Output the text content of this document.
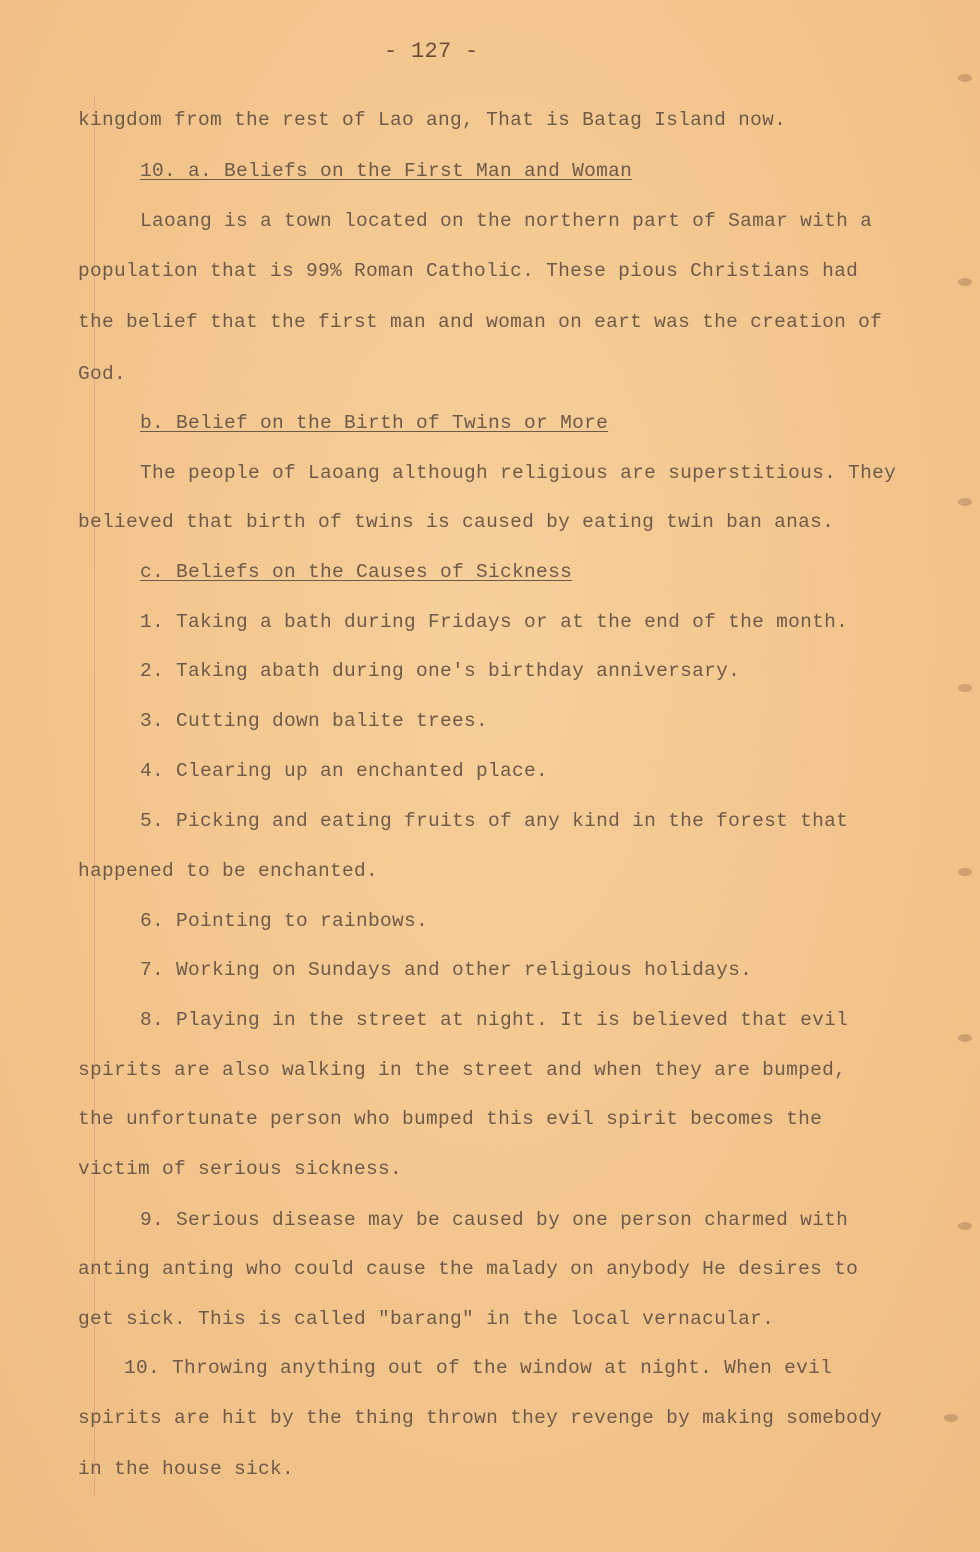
- 127 -
kingdom from the rest of Lao ang, That is Batag Island now.
10. a. Beliefs on the First Man and Woman
Laoang is a town located on the northern part of Samar with a
population that is 99% Roman Catholic. These pious Christians had
the belief that the first man and woman on eart was the creation of
God.
b. Belief on the Birth of Twins or More
The people of Laoang although religious are superstitious. They
believed that birth of twins is caused by eating twin ban anas.
c. Beliefs on the Causes of Sickness
1. Taking a bath during Fridays or at the end of the month.
2. Taking abath during one's birthday anniversary.
3. Cutting down balite trees.
4. Clearing up an enchanted place.
5. Picking and eating fruits of any kind in the forest that
happened to be enchanted.
6. Pointing to rainbows.
7. Working on Sundays and other religious holidays.
8. Playing in the street at night. It is believed that evil
spirits are also walking in the street and when they are bumped,
the unfortunate person who bumped this evil spirit becomes the
victim of serious sickness.
9. Serious disease may be caused by one person charmed with
anting anting who could cause the malady on anybody He desires to
get sick. This is called "barang" in the local vernacular.
10. Throwing anything out of the window at night. When evil
spirits are hit by the thing thrown they revenge by making somebody
in the house sick.
